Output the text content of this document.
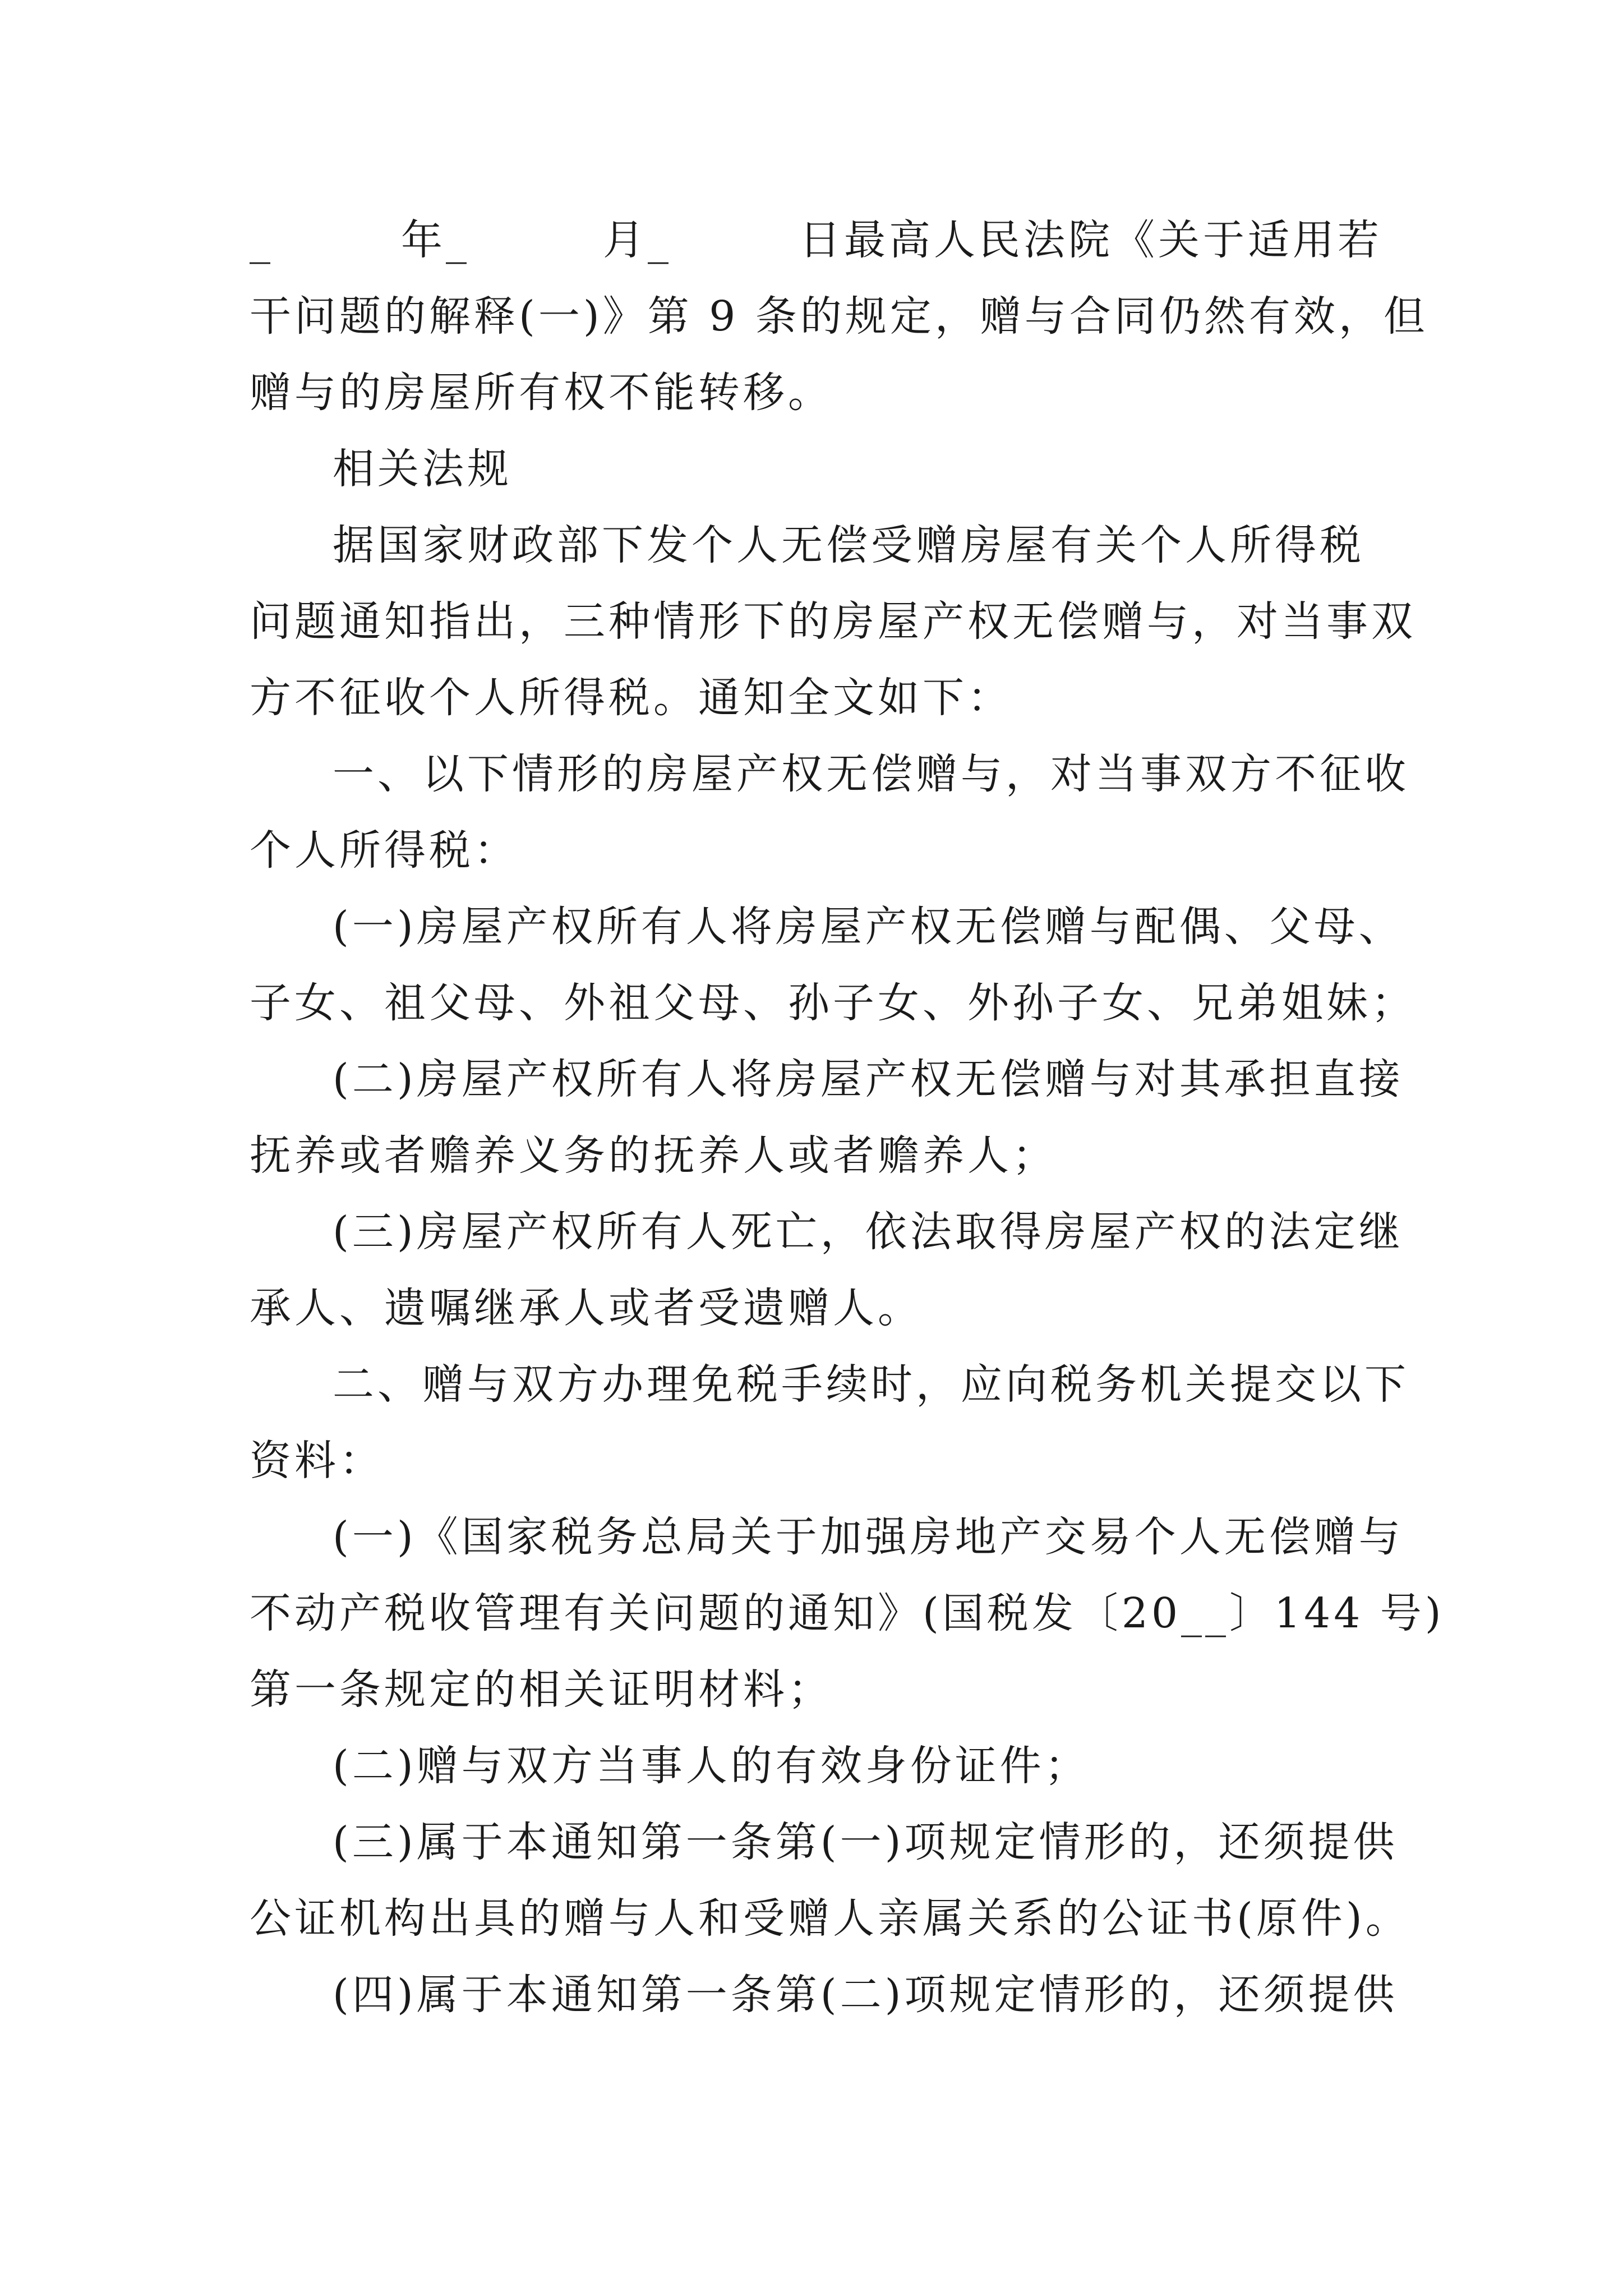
_	年_	月_	日最高人民法院《关于适用若
干问题的解释(一)》第 9 条的规定，赠与合同仍然有效，但
赠与的房屋所有权不能转移。
相关法规
据国家财政部下发个人无偿受赠房屋有关个人所得税
问题通知指出，三种情形下的房屋产权无偿赠与，对当事双
方不征收个人所得税。通知全文如下：
一、以下情形的房屋产权无偿赠与，对当事双方不征收
个人所得税：
(一)房屋产权所有人将房屋产权无偿赠与配偶、父母、
子女、祖父母、外祖父母、孙子女、外孙子女、兄弟姐妹；
(二)房屋产权所有人将房屋产权无偿赠与对其承担直接
抚养或者赡养义务的抚养人或者赡养人；
(三)房屋产权所有人死亡，依法取得房屋产权的法定继
承人、遗嘱继承人或者受遗赠人。
二、赠与双方办理免税手续时，应向税务机关提交以下
资料：
(一)《国家税务总局关于加强房地产交易个人无偿赠与
不动产税收管理有关问题的通知》(国税发〔20__〕144 号)
第一条规定的相关证明材料；
(二)赠与双方当事人的有效身份证件；
(三)属于本通知第一条第(一)项规定情形的，还须提供
公证机构出具的赠与人和受赠人亲属关系的公证书(原件)。
(四)属于本通知第一条第(二)项规定情形的，还须提供
